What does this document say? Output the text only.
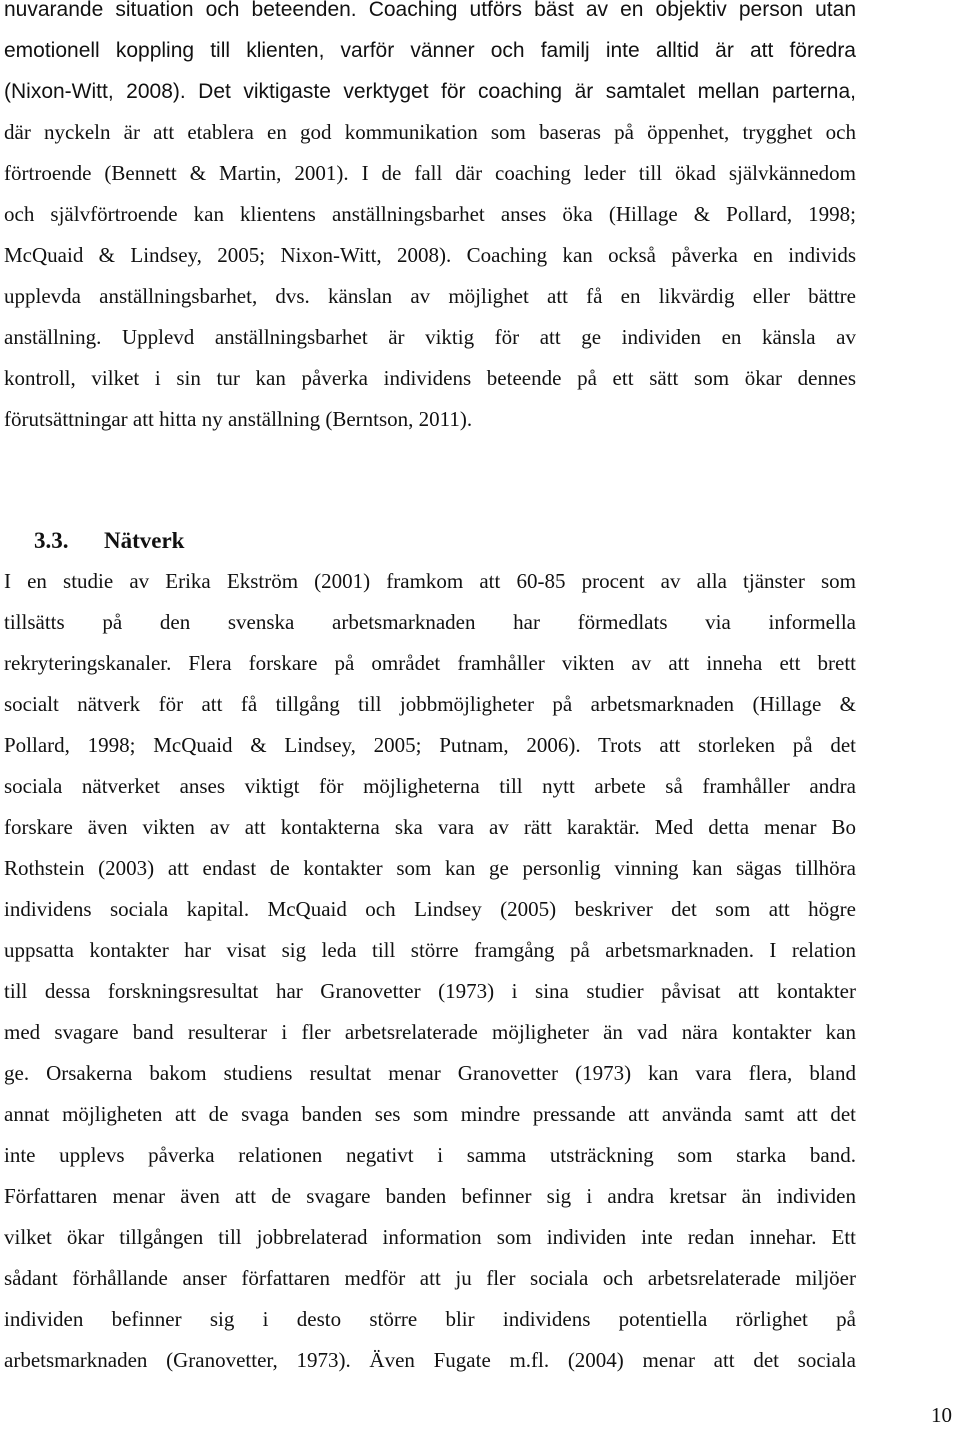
nuvarande situation och beteenden. Coaching utförs bäst av en objektiv person utan
emotionell koppling till klienten, varför vänner och familj inte alltid är att föredra
(Nixon-Witt, 2008). Det viktigaste verktyget för coaching är samtalet mellan parterna,
där nyckeln är att etablera en god kommunikation som baseras på öppenhet, trygghet och
förtroende (Bennett & Martin, 2001). I de fall där coaching leder till ökad självkännedom
och självförtroende kan klientens anställningsbarhet anses öka (Hillage & Pollard, 1998;
McQuaid & Lindsey, 2005; Nixon-Witt, 2008). Coaching kan också påverka en individs
upplevda anställningsbarhet, dvs. känslan av möjlighet att få en likvärdig eller bättre
anställning. Upplevd anställningsbarhet är viktig för att ge individen en känsla av
kontroll, vilket i sin tur kan påverka individens beteende på ett sätt som ökar dennes
förutsättningar att hitta ny anställning (Berntson, 2011).
3.3. Nätverk
I en studie av Erika Ekström (2001) framkom att 60-85 procent av alla tjänster som
tillsätts på den svenska arbetsmarknaden har förmedlats via informella
rekryteringskanaler. Flera forskare på området framhåller vikten av att inneha ett brett
socialt nätverk för att få tillgång till jobbmöjligheter på arbetsmarknaden (Hillage &
Pollard, 1998; McQuaid & Lindsey, 2005; Putnam, 2006). Trots att storleken på det
sociala nätverket anses viktigt för möjligheterna till nytt arbete så framhåller andra
forskare även vikten av att kontakterna ska vara av rätt karaktär. Med detta menar Bo
Rothstein (2003) att endast de kontakter som kan ge personlig vinning kan sägas tillhöra
individens sociala kapital. McQuaid och Lindsey (2005) beskriver det som att högre
uppsatta kontakter har visat sig leda till större framgång på arbetsmarknaden. I relation
till dessa forskningsresultat har Granovetter (1973) i sina studier påvisat att kontakter
med svagare band resulterar i fler arbetsrelaterade möjligheter än vad nära kontakter kan
ge. Orsakerna bakom studiens resultat menar Granovetter (1973) kan vara flera, bland
annat möjligheten att de svaga banden ses som mindre pressande att använda samt att det
inte upplevs påverka relationen negativt i samma utsträckning som starka band.
Författaren menar även att de svagare banden befinner sig i andra kretsar än individen
vilket ökar tillgången till jobbrelaterad information som individen inte redan innehar. Ett
sådant förhållande anser författaren medför att ju fler sociala och arbetsrelaterade miljöer
individen befinner sig i desto större blir individens potentiella rörlighet på
arbetsmarknaden (Granovetter, 1973). Även Fugate m.fl. (2004) menar att det sociala
10
